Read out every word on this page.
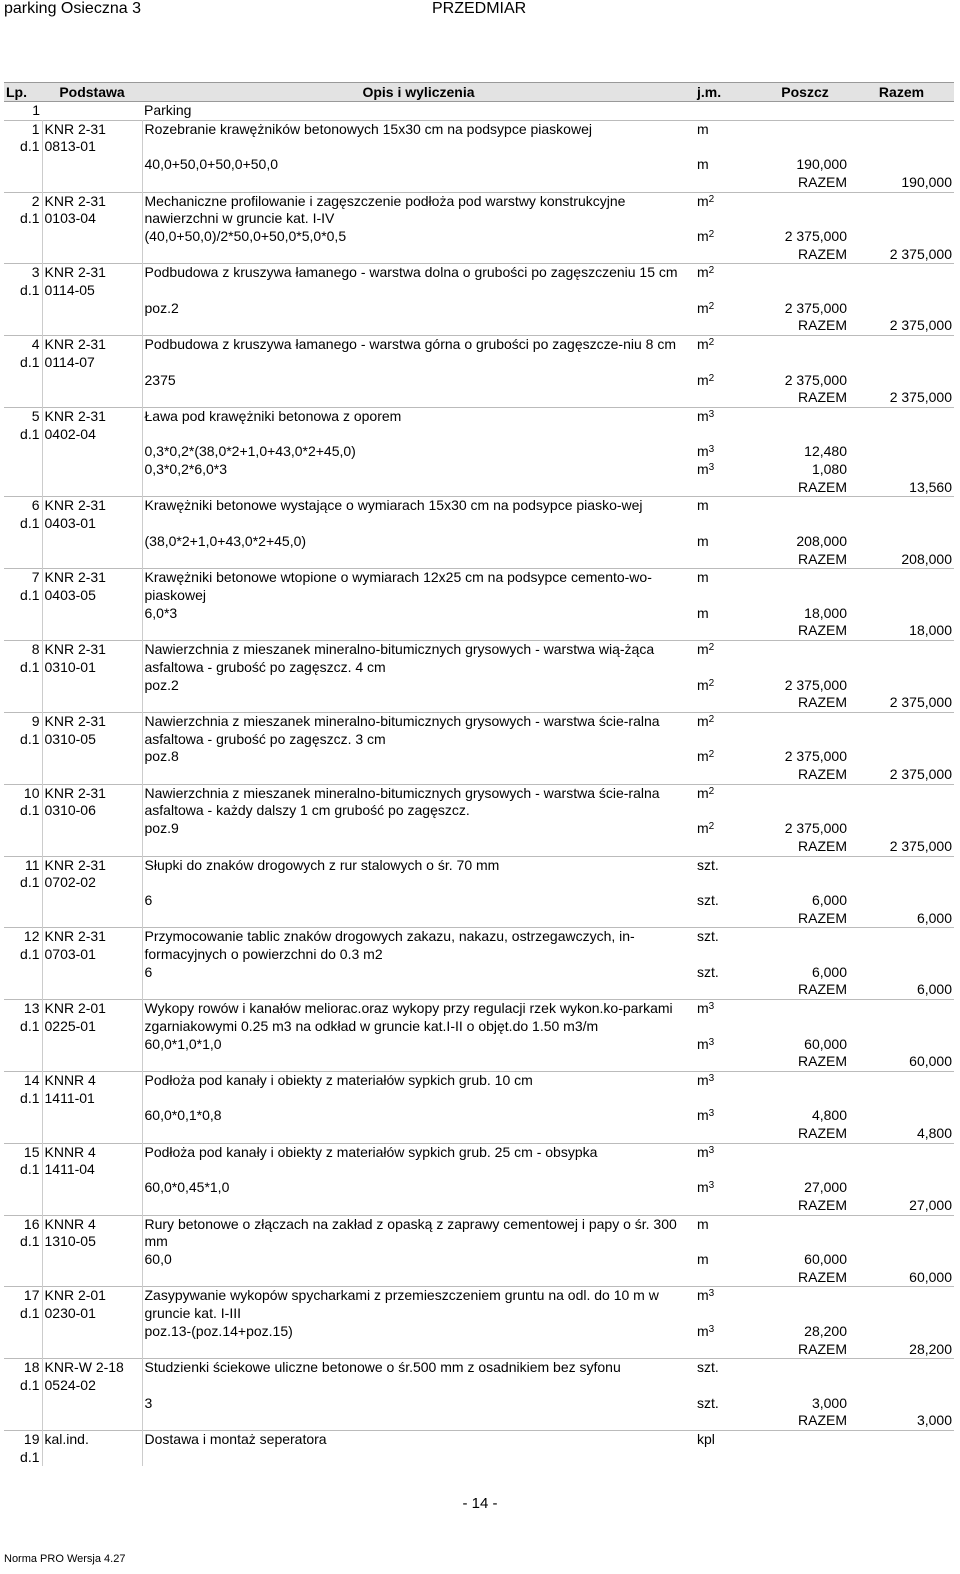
parking Osieczna 3	PRZEDMIAR
Lp.	Podstawa	Opis i wyliczenia	j.m.	Poszcz	Razem
1		Parking			
1	KNR 2-31	Rozebranie krawężników betonowych 15x30 cm na podsypce piaskowej	m		
d.1	0813-01				
		40,0+50,0+50,0+50,0	m	190,000	
				RAZEM	190,000
2	KNR 2-31	Mechaniczne profilowanie i zagęszczenie podłoża pod warstwy konstrukcyjne nawierzchni w gruncie kat. I-IV	$m^2$		
d.1	0103-04				
		(40,0+50,0)/2*50,0+50,0*5,0*0,5	$m^2$	2 375,000	
				RAZEM	2 375,000
3	KNR 2-31	Podbudowa z kruszywa łamanego - warstwa dolna o grubości po zagęszczeniu 15 cm	$m^2$		
d.1	0114-05				
		poz.2	$m^2$	2 375,000	
				RAZEM	2 375,000
4	KNR 2-31	Podbudowa z kruszywa łamanego - warstwa górna o grubości po zagęszcze-niu 8 cm	$m^2$		
d.1	0114-07				
		2375	$m^2$	2 375,000	
				RAZEM	2 375,000
5	KNR 2-31	Ława pod krawężniki betonowa z oporem	$m^3$		
d.1	0402-04				
		0,3*0,2*(38,0*2+1,0+43,0*2+45,0)	$m^3$	12,480	
		0,3*0,2*6,0*3	$m^3$	1,080	
				RAZEM	13,560
6	KNR 2-31	Krawężniki betonowe wystające o wymiarach 15x30 cm na podsypce piasko-wej	m		
d.1	0403-01				
		(38,0*2+1,0+43,0*2+45,0)	m	208,000	
				RAZEM	208,000
7	KNR 2-31	Krawężniki betonowe wtopione o wymiarach 12x25 cm na podsypce cemento-wo-piaskowej	m		
d.1	0403-05				
		6,0*3	m	18,000	
				RAZEM	18,000
8	KNR 2-31	Nawierzchnia z mieszanek mineralno-bitumicznych grysowych - warstwa wią-żąca asfaltowa - grubość po zagęszcz. 4 cm	$m^2$		
d.1	0310-01				
		poz.2	$m^2$	2 375,000	
				RAZEM	2 375,000
9	KNR 2-31	Nawierzchnia z mieszanek mineralno-bitumicznych grysowych - warstwa ście-ralna asfaltowa - grubość po zagęszcz. 3 cm	$m^2$		
d.1	0310-05				
		poz.8	$m^2$	2 375,000	
				RAZEM	2 375,000
10	KNR 2-31	Nawierzchnia z mieszanek mineralno-bitumicznych grysowych - warstwa ście-ralna asfaltowa - każdy dalszy 1 cm grubość po zagęszcz.	$m^2$		
d.1	0310-06				
		poz.9	$m^2$	2 375,000	
				RAZEM	2 375,000
11	KNR 2-31	Słupki do znaków drogowych z rur stalowych o śr. 70 mm	szt.		
d.1	0702-02				
		6	szt.	6,000	
				RAZEM	6,000
12	KNR 2-31	Przymocowanie tablic znaków drogowych zakazu, nakazu, ostrzegawczych, in-formacyjnych o powierzchni do 0.3 m2	szt.		
d.1	0703-01				
		6	szt.	6,000	
				RAZEM	6,000
13	KNR 2-01	Wykopy rowów i kanałów meliorac.oraz wykopy przy regulacji rzek wykon.ko-parkami zgarniakowymi 0.25 m3 na odkład w gruncie kat.I-II o objęt.do 1.50 m3/m	$m^3$		
d.1	0225-01				
		60,0*1,0*1,0	$m^3$	60,000	
				RAZEM	60,000
14	KNNR 4	Podłoża pod kanały i obiekty z materiałów sypkich grub. 10 cm	$m^3$		
d.1	1411-01				
		60,0*0,1*0,8	$m^3$	4,800	
				RAZEM	4,800
15	KNNR 4	Podłoża pod kanały i obiekty z materiałów sypkich grub. 25 cm - obsypka	$m^3$		
d.1	1411-04				
		60,0*0,45*1,0	$m^3$	27,000	
				RAZEM	27,000
16	KNNR 4	Rury betonowe o złączach na zakład z opaską z zaprawy cementowej i papy o śr. 300 mm	m		
d.1	1310-05				
		60,0	m	60,000	
				RAZEM	60,000
17	KNR 2-01	Zasypywanie wykopów spycharkami z przemieszczeniem gruntu na odl. do 10 m w gruncie kat. I-III	$m^3$		
d.1	0230-01				
		poz.13-(poz.14+poz.15)	$m^3$	28,200	
				RAZEM	28,200
18	KNR-W 2-18	Studzienki ściekowe uliczne betonowe o śr.500 mm z osadnikiem bez syfonu	szt.		
d.1	0524-02				
		3	szt.	3,000	
				RAZEM	3,000
19	kal.ind.	Dostawa i montaż seperatora	kpl		
d.1					
- 14 -
Norma PRO Wersja 4.27
